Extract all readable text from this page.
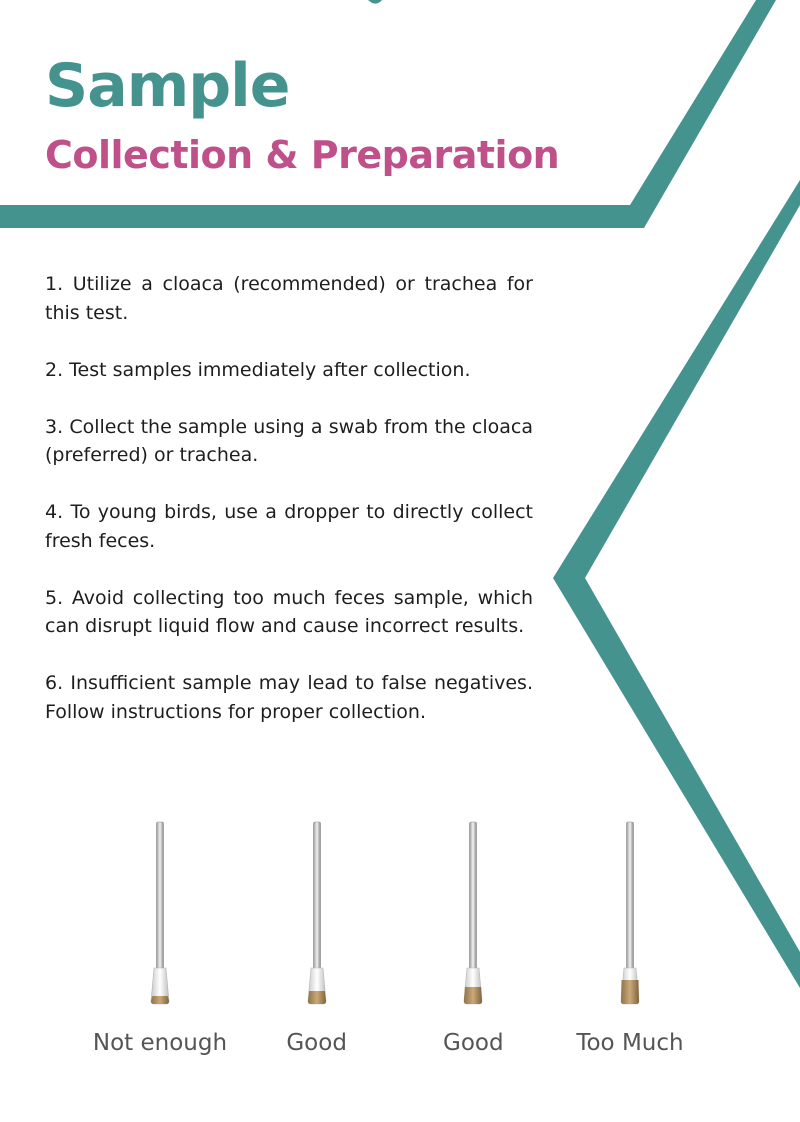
Sample
Collection & Preparation
1. Utilize a cloaca (recommended) or trachea for this test.
2. Test samples immediately after collection.
3. Collect the sample using a swab from the cloaca (preferred) or trachea.
4. To young birds, use a dropper to directly collect fresh feces.
5. Avoid collecting too much feces sample, which can disrupt liquid flow and cause incorrect results.
6. Insufficient sample may lead to false negatives. Follow instructions for proper collection.
Not enough	Good	Good	Too Much
